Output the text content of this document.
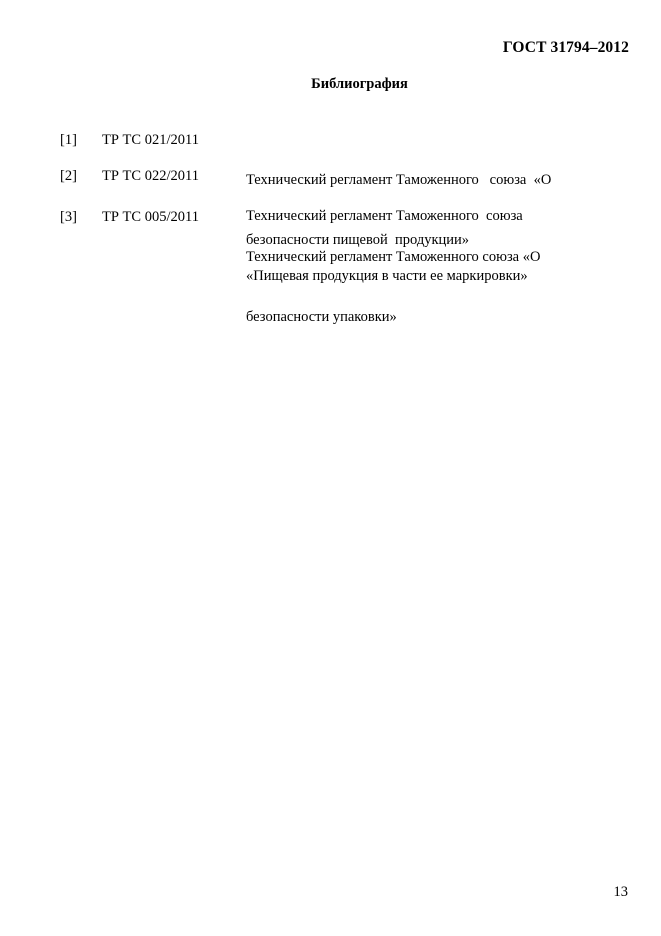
ГОСТ 31794–2012
Библиография
[1] ТР ТС 021/2011

Технический регламент Таможенного   союза  «О

безопасности пищевой  продукции»

[2] ТР ТС 022/2011

Технический регламент Таможенного  союза

«Пищевая продукция в части ее маркировки»

[3] ТР ТС 005/2011

Технический регламент Таможенного союза «О

безопасности упаковки»

13
